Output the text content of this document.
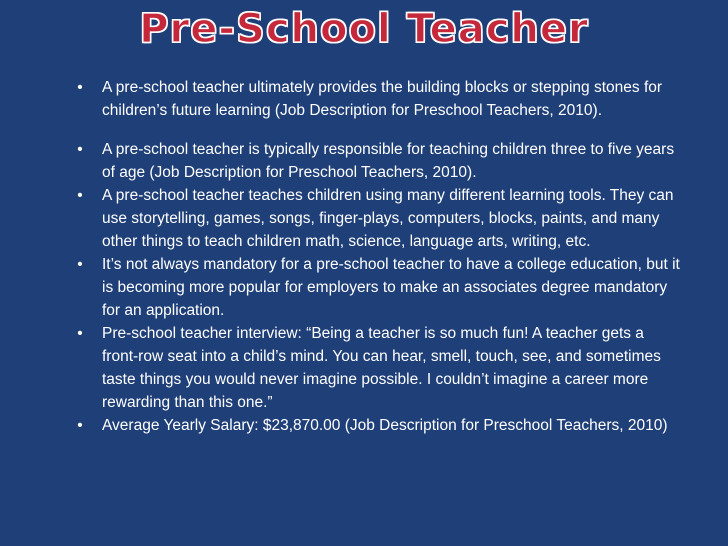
Pre-School Teacher
• A pre-school teacher ultimately provides the building blocks or stepping stones for children’s future learning (Job Description for Preschool Teachers, 2010).
• A pre-school teacher is typically responsible for teaching children three to five years of age (Job Description for Preschool Teachers, 2010).
• A pre-school teacher teaches children using many different learning tools. They can use storytelling, games, songs, finger-plays, computers, blocks, paints, and many other things to teach children math, science, language arts, writing, etc.
• It’s not always mandatory for a pre-school teacher to have a college education, but it is becoming more popular for employers to make an associates degree mandatory for an application.
• Pre-school teacher interview: “Being a teacher is so much fun! A teacher gets a front-row seat into a child’s mind. You can hear, smell, touch, see, and sometimes taste things you would never imagine possible. I couldn’t imagine a career more rewarding than this one.”
• Average Yearly Salary: $23,870.00 (Job Description for Preschool Teachers, 2010)
